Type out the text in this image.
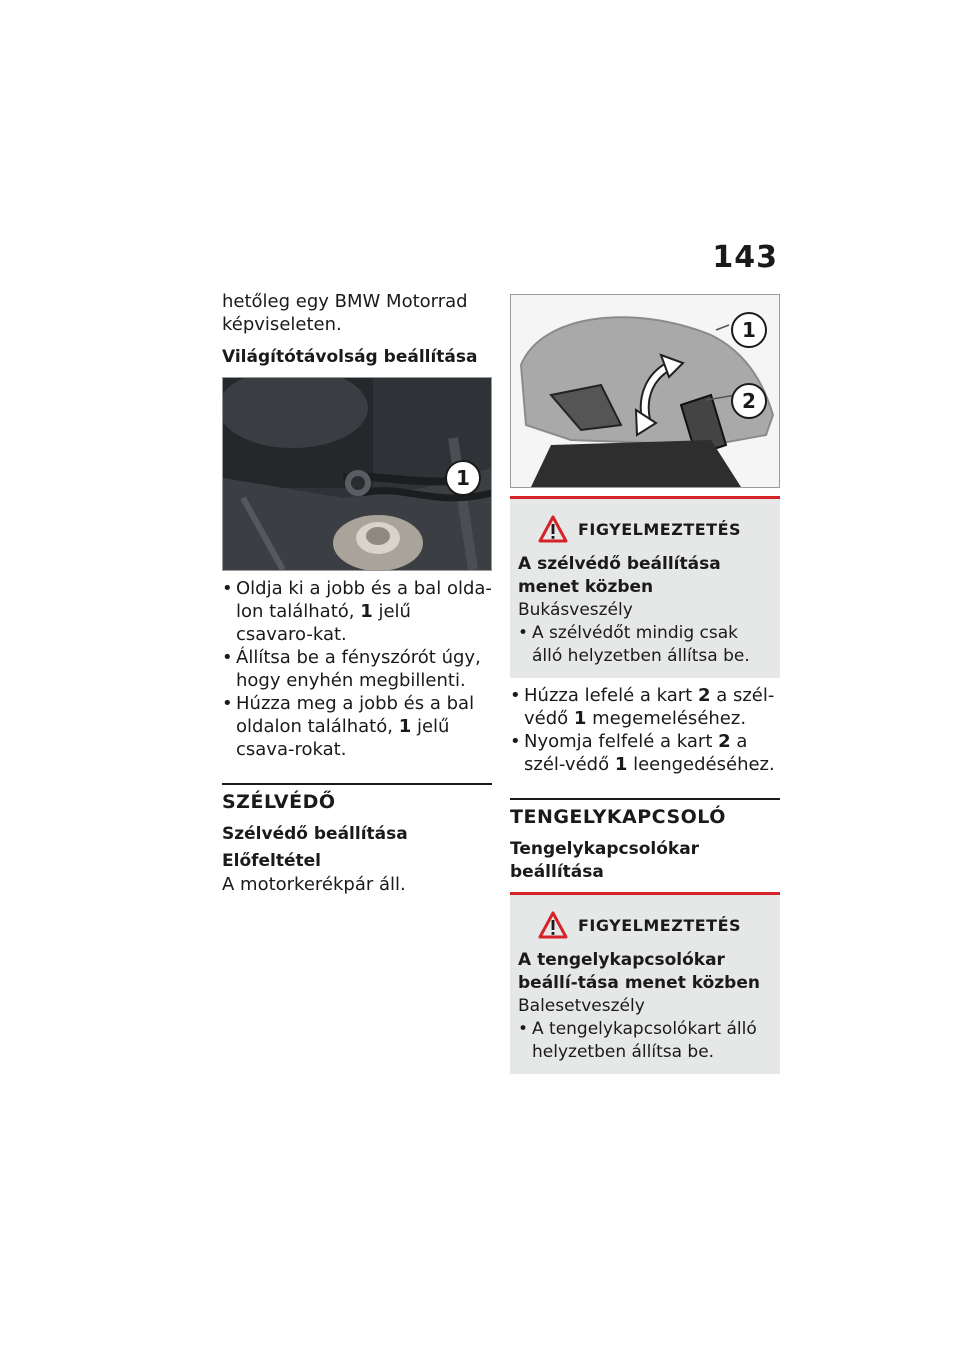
143

hetőleg egy BMW Motorrad

képviseleten.

Világítótávolság beállítása

1
• Oldja ki a jobb és a bal olda-lon található, 1 jelű csavaro-kat.
• Állítsa be a fényszórót úgy, hogy enyhén megbillenti.
• Húzza meg a jobb és a bal oldalon található, 1 jelű csava-rokat.

SZÉLVÉDŐ

Szélvédő beállítása

Előfeltétel

A motorkerékpár áll.

1
2
FIGYELMEZTETÉS

A szélvédő beállítása menet közben

Bukásveszély

• A szélvédőt mindig csak álló helyzetben állítsa be.
• Húzza lefelé a kart 2 a szél-védő 1 megemeléséhez.
• Nyomja felfelé a kart 2 a szél-védő 1 leengedéséhez.

TENGELYKAPCSOLÓ

Tengelykapcsolókar beállítása

FIGYELMEZTETÉS

A tengelykapcsolókar beállí-tása menet közben

Balesetveszély

• A tengelykapcsolókart álló helyzetben állítsa be.
